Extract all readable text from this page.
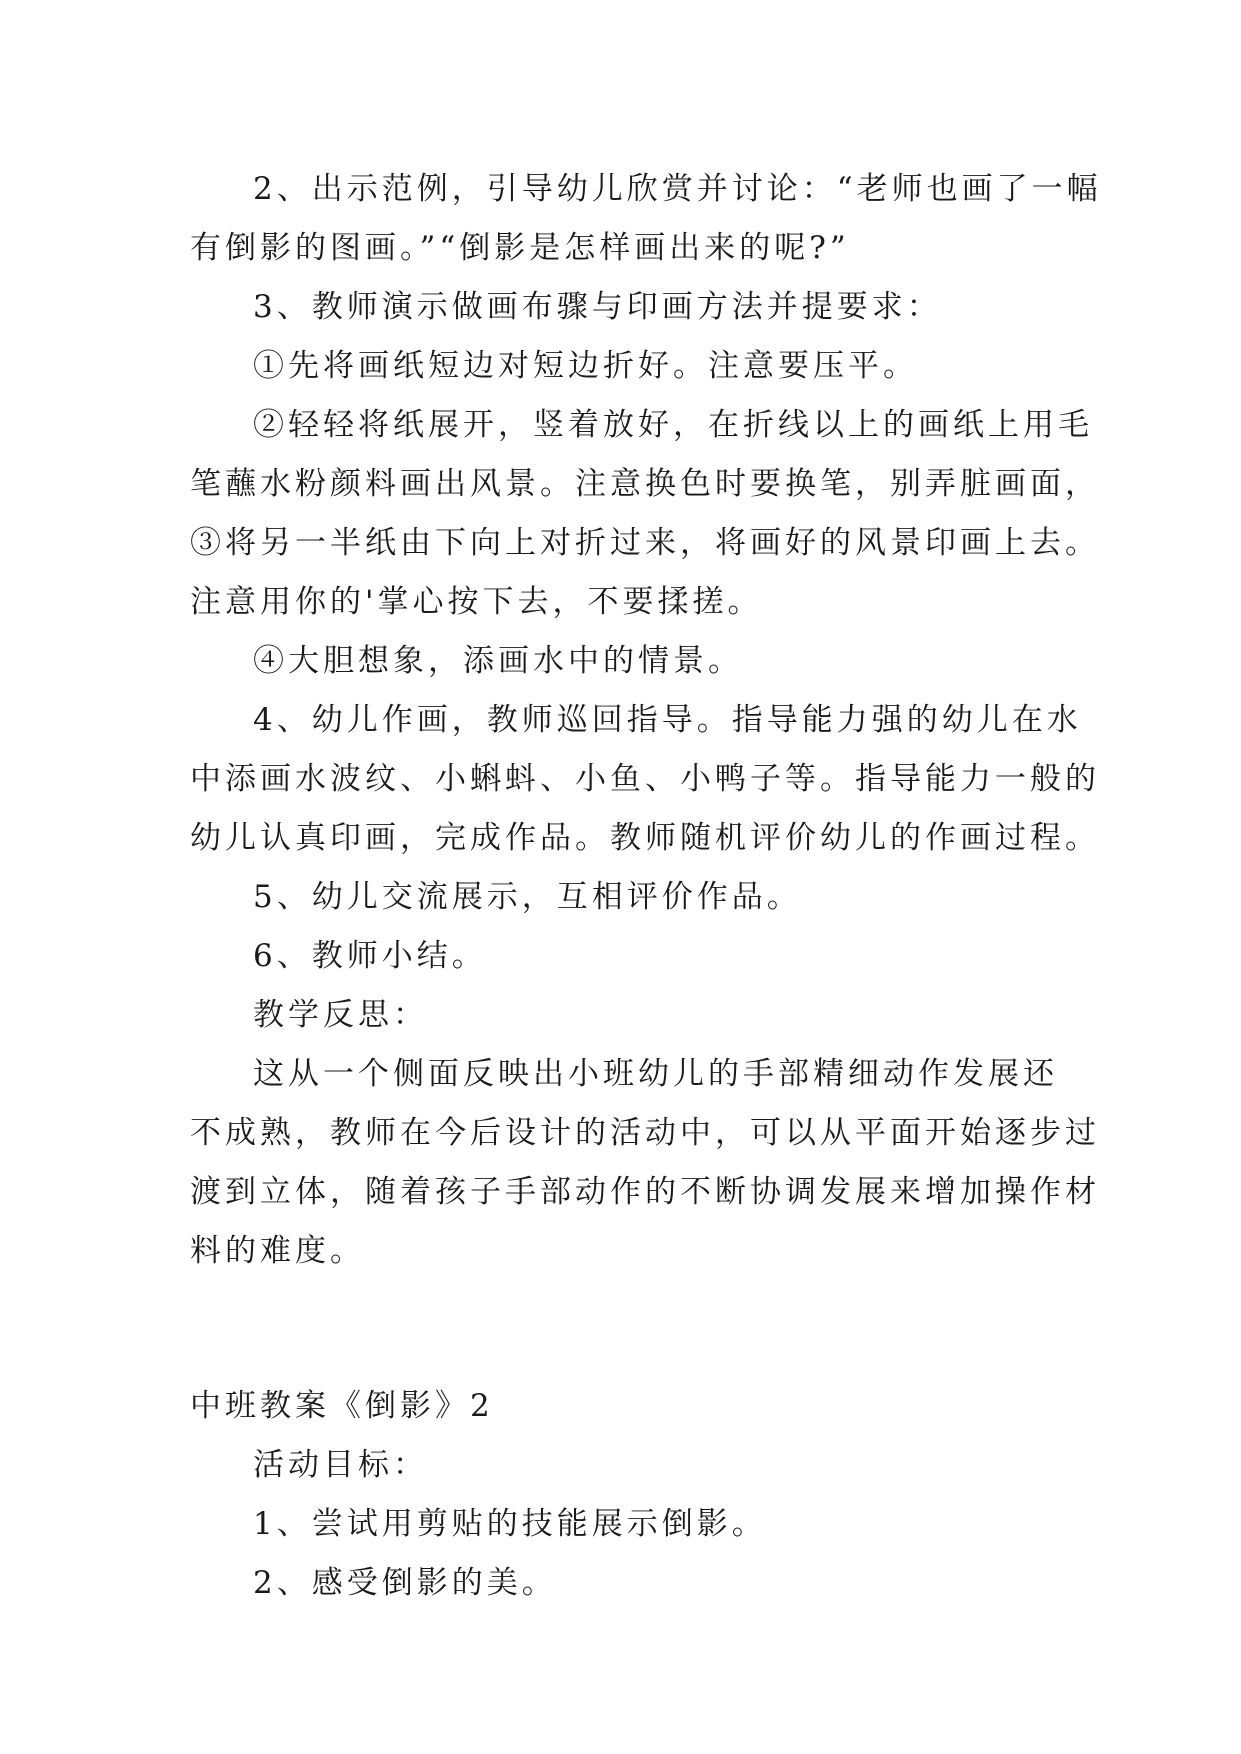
2、出示范例，引导幼儿欣赏并讨论：“老师也画了一幅
有倒影的图画。”“倒影是怎样画出来的呢?”
3、教师演示做画布骤与印画方法并提要求：
①先将画纸短边对短边折好。注意要压平。
②轻轻将纸展开，竖着放好，在折线以上的画纸上用毛
笔蘸水粉颜料画出风景。注意换色时要换笔，别弄脏画面，
③将另一半纸由下向上对折过来，将画好的风景印画上去。
注意用你的'掌心按下去，不要揉搓。
④大胆想象，添画水中的情景。
4、幼儿作画，教师巡回指导。指导能力强的幼儿在水
中添画水波纹、小蝌蚪、小鱼、小鸭子等。指导能力一般的
幼儿认真印画，完成作品。教师随机评价幼儿的作画过程。
5、幼儿交流展示，互相评价作品。
6、教师小结。
教学反思：
这从一个侧面反映出小班幼儿的手部精细动作发展还
不成熟，教师在今后设计的活动中，可以从平面开始逐步过
渡到立体，随着孩子手部动作的不断协调发展来增加操作材
料的难度。
中班教案《倒影》2
活动目标：
1、尝试用剪贴的技能展示倒影。
2、感受倒影的美。
